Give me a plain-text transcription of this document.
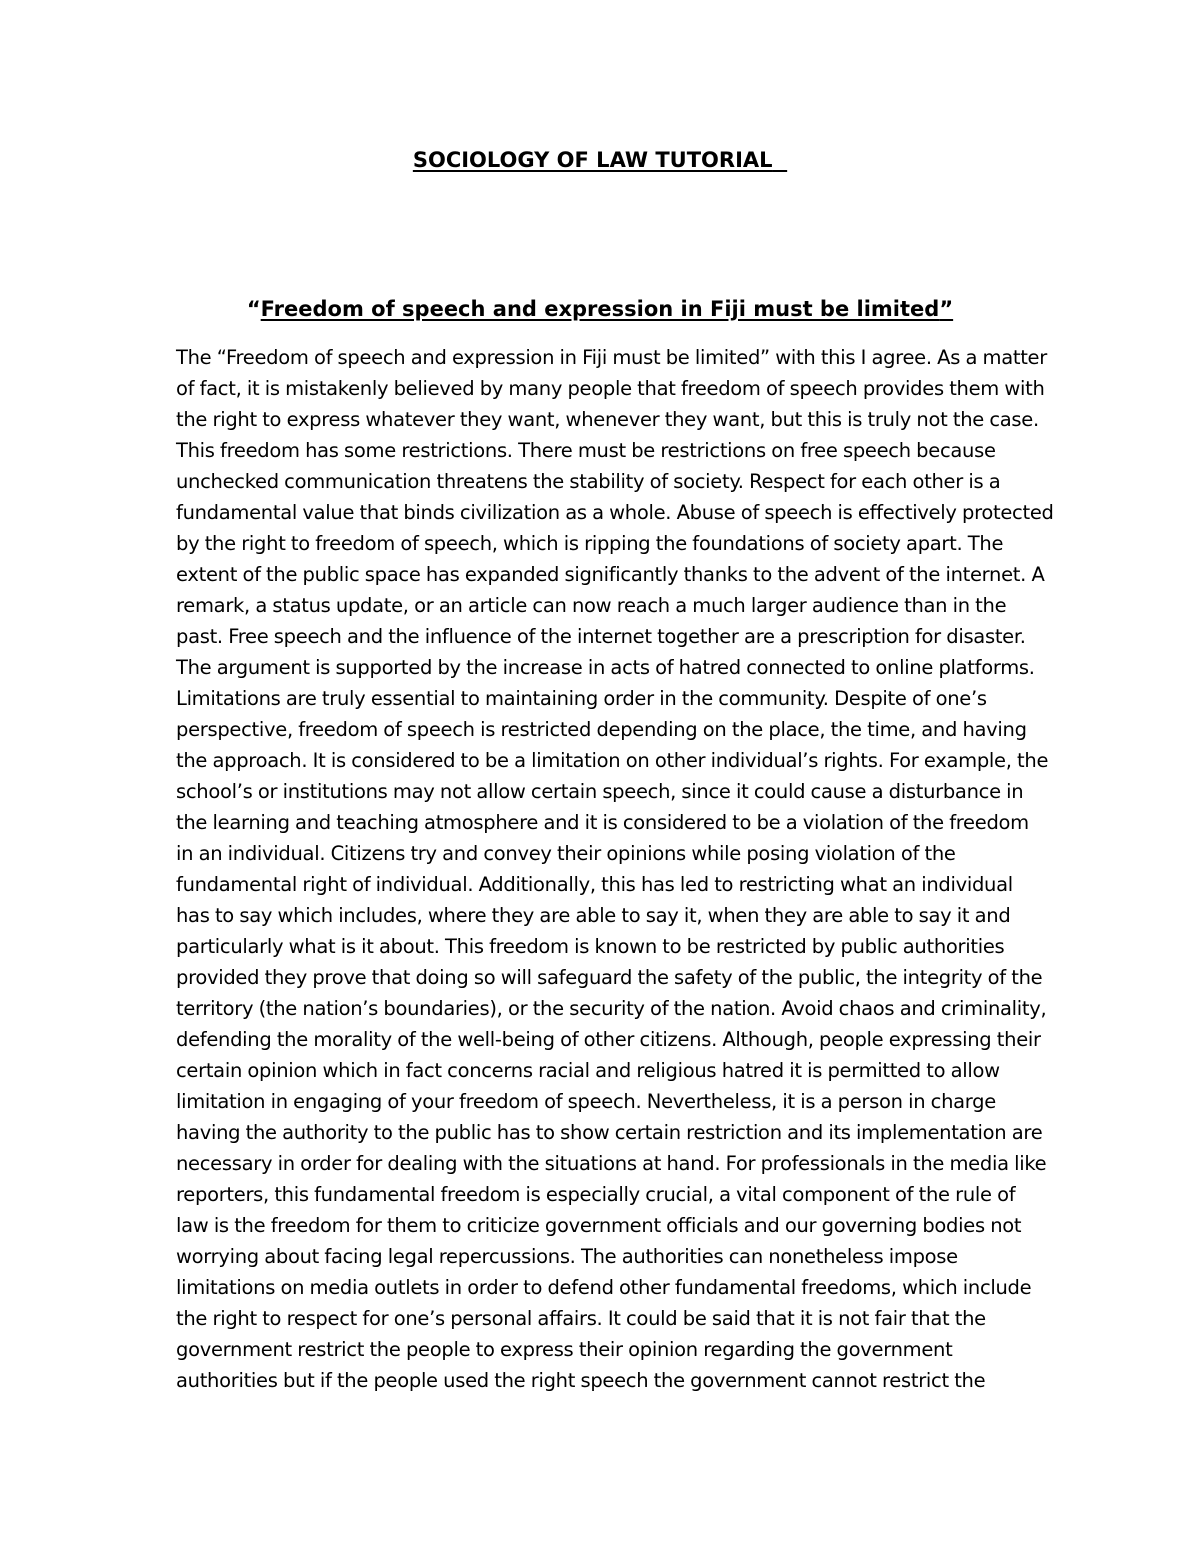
SOCIOLOGY OF LAW TUTORIAL
“Freedom of speech and expression in Fiji must be limited”
The “Freedom of speech and expression in Fiji must be limited” with this I agree. As a matter
of fact, it is mistakenly believed by many people that freedom of speech provides them with
the right to express whatever they want, whenever they want, but this is truly not the case.
This freedom has some restrictions. There must be restrictions on free speech because
unchecked communication threatens the stability of society. Respect for each other is a
fundamental value that binds civilization as a whole. Abuse of speech is effectively protected
by the right to freedom of speech, which is ripping the foundations of society apart. The
extent of the public space has expanded significantly thanks to the advent of the internet. A
remark, a status update, or an article can now reach a much larger audience than in the
past. Free speech and the influence of the internet together are a prescription for disaster.
The argument is supported by the increase in acts of hatred connected to online platforms.
Limitations are truly essential to maintaining order in the community. Despite of one’s
perspective, freedom of speech is restricted depending on the place, the time, and having
the approach. It is considered to be a limitation on other individual’s rights. For example, the
school’s or institutions may not allow certain speech, since it could cause a disturbance in
the learning and teaching atmosphere and it is considered to be a violation of the freedom
in an individual. Citizens try and convey their opinions while posing violation of the
fundamental right of individual. Additionally, this has led to restricting what an individual
has to say which includes, where they are able to say it, when they are able to say it and
particularly what is it about. This freedom is known to be restricted by public authorities
provided they prove that doing so will safeguard the safety of the public, the integrity of the
territory (the nation’s boundaries), or the security of the nation. Avoid chaos and criminality,
defending the morality of the well-being of other citizens. Although, people expressing their
certain opinion which in fact concerns racial and religious hatred it is permitted to allow
limitation in engaging of your freedom of speech. Nevertheless, it is a person in charge
having the authority to the public has to show certain restriction and its implementation are
necessary in order for dealing with the situations at hand. For professionals in the media like
reporters, this fundamental freedom is especially crucial, a vital component of the rule of
law is the freedom for them to criticize government officials and our governing bodies not
worrying about facing legal repercussions. The authorities can nonetheless impose
limitations on media outlets in order to defend other fundamental freedoms, which include
the right to respect for one’s personal affairs. It could be said that it is not fair that the
government restrict the people to express their opinion regarding the government
authorities but if the people used the right speech the government cannot restrict the
